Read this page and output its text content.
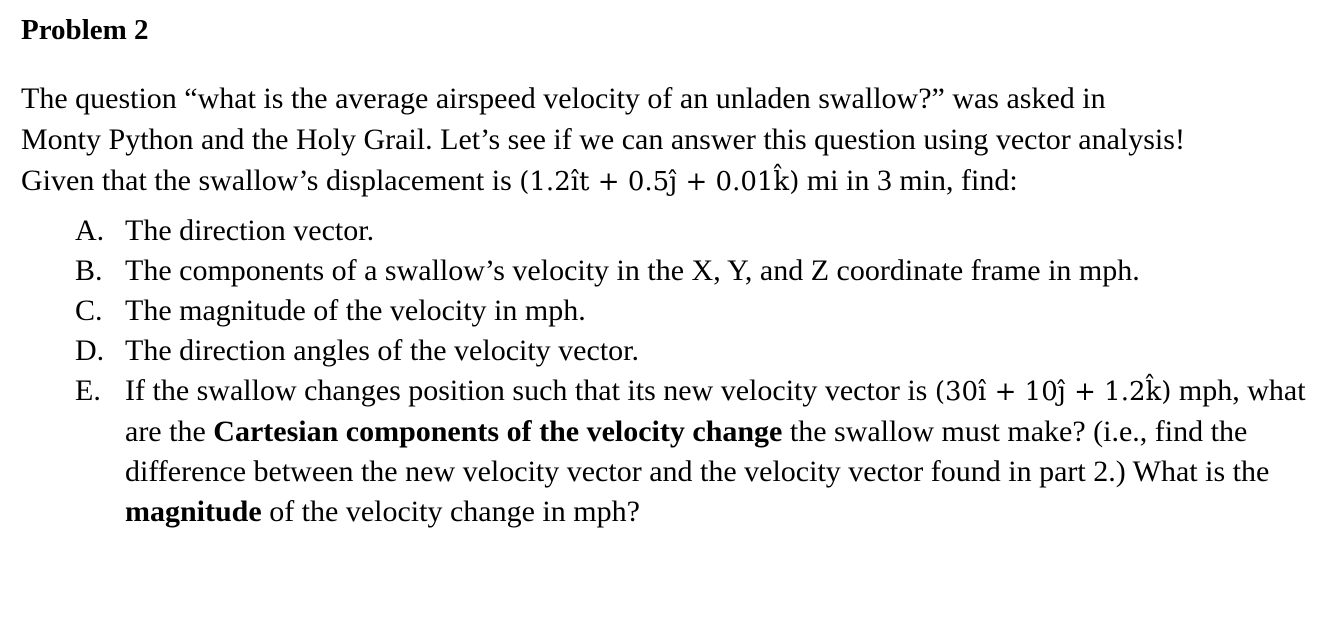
Problem 2

The question “what is the average airspeed velocity of an unladen swallow?” was asked in
Monty Python and the Holy Grail. Let’s see if we can answer this question using vector analysis!
Given that the swallow’s displacement is (1.2ît + 0.5ĵ + 0.01k̂) mi in 3 min, find:

A. The direction vector.
B. The components of a swallow’s velocity in the X, Y, and Z coordinate frame in mph.
C. The magnitude of the velocity in mph.
D. The direction angles of the velocity vector.
E. If the swallow changes position such that its new velocity vector is (30î + 10ĵ + 1.2k̂) mph, what are the Cartesian components of the velocity change the swallow must make? (i.e., find the difference between the new velocity vector and the velocity vector found in part 2.) What is the magnitude of the velocity change in mph?
